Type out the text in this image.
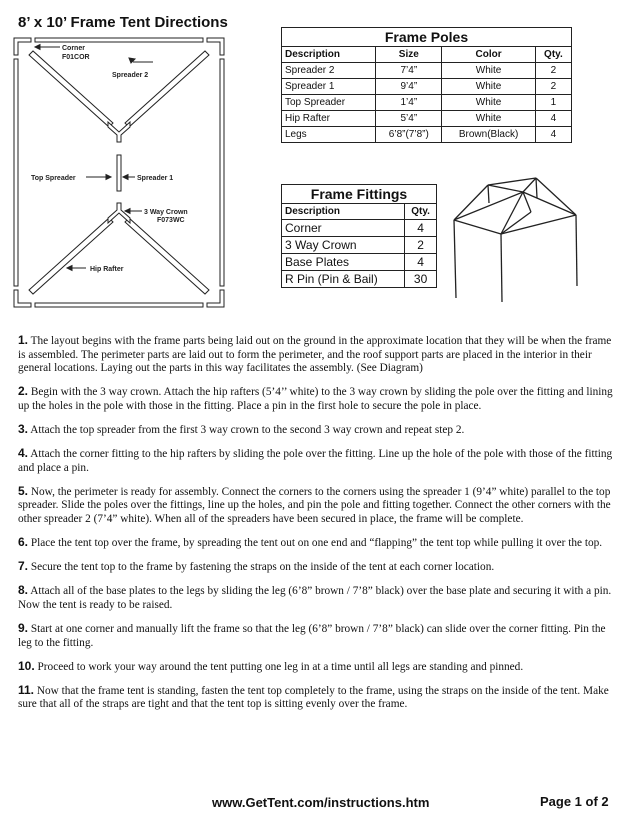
8’ x 10’ Frame Tent Directions
Corner
F01COR
Spreader 2
Top Spreader	Spreader 1
3 Way Crown
F073WC
Hip Rafter
Frame Poles			
Description	Size	Color	Qty.
Spreader 2	7’4”	White	2
Spreader 1	9’4”	White	2
Top Spreader	1’4”	White	1
Hip Rafter	5’4”	White	4
Legs	6’8”(7’8”)	Brown(Black)	4
Frame Fittings	
Description	Qty.
Corner	4
3 Way Crown	2
Base Plates	4
R Pin (Pin & Bail)	30

1. The layout begins with the frame parts being laid out on the ground in the approximate location that they will be when the frame is assembled. The perimeter parts are laid out to form the perimeter, and the roof support parts are placed in the interior in their general locations. Laying out the parts in this way facilitates the assembly. (See Diagram)

2. Begin with the 3 way crown. Attach the hip rafters (5’4’’ white) to the 3 way crown by sliding the pole over the fitting and lining up the holes in the pole with those in the fitting. Place a pin in the first hole to secure the pole in place.

3. Attach the top spreader from the first 3 way crown to the second 3 way crown and repeat step 2.

4. Attach the corner fitting to the hip rafters by sliding the pole over the fitting. Line up the hole of the pole with those of the fitting and place a pin.

5. Now, the perimeter is ready for assembly. Connect the corners to the corners using the spreader 1 (9’4” white) parallel to the top spreader. Slide the poles over the fittings, line up the holes, and pin the pole and fitting together. Connect the other corners with the other spreader 2 (7’4” white). When all of the spreaders have been secured in place, the frame will be complete.

6. Place the tent top over the frame, by spreading the tent out on one end and “flapping” the tent top while pulling it over the top.

7. Secure the tent top to the frame by fastening the straps on the inside of the tent at each corner location.

8. Attach all of the base plates to the legs by sliding the leg (6’8” brown / 7’8” black) over the base plate and securing it with a pin. Now the tent is ready to be raised.

9. Start at one corner and manually lift the frame so that the leg (6’8” brown / 7’8” black) can slide over the corner fitting. Pin the leg to the fitting.

10. Proceed to work your way around the tent putting one leg in at a time until all legs are standing and pinned.

11. Now that the frame tent is standing, fasten the tent top completely to the frame, using the straps on the inside of the tent. Make sure that all of the straps are tight and that the tent top is sitting evenly over the frame.

www.GetTent.com/instructions.htm	Page 1 of 2
